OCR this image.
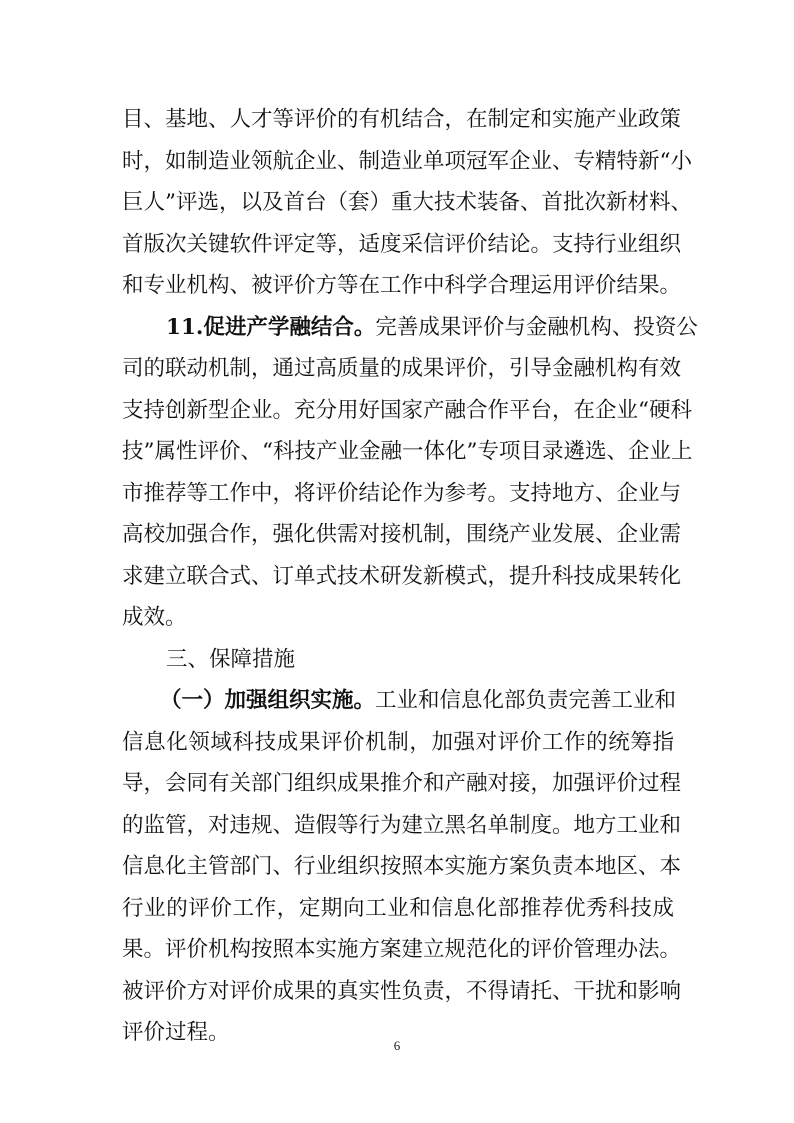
目、基地、人才等评价的有机结合，在制定和实施产业政策
时，如制造业领航企业、制造业单项冠军企业、专精特新“小
巨人”评选，以及首台（套）重大技术装备、首批次新材料、
首版次关键软件评定等，适度采信评价结论。支持行业组织
和专业机构、被评价方等在工作中科学合理运用评价结果。
11.促进产学融结合。完善成果评价与金融机构、投资公
司的联动机制，通过高质量的成果评价，引导金融机构有效
支持创新型企业。充分用好国家产融合作平台，在企业“硬科
技”属性评价、“科技产业金融一体化”专项目录遴选、企业上
市推荐等工作中，将评价结论作为参考。支持地方、企业与
高校加强合作，强化供需对接机制，围绕产业发展、企业需
求建立联合式、订单式技术研发新模式，提升科技成果转化
成效。
三、保障措施
（一）加强组织实施。工业和信息化部负责完善工业和
信息化领域科技成果评价机制，加强对评价工作的统筹指
导，会同有关部门组织成果推介和产融对接，加强评价过程
的监管，对违规、造假等行为建立黑名单制度。地方工业和
信息化主管部门、行业组织按照本实施方案负责本地区、本
行业的评价工作，定期向工业和信息化部推荐优秀科技成
果。评价机构按照本实施方案建立规范化的评价管理办法。
被评价方对评价成果的真实性负责，不得请托、干扰和影响
评价过程。
6
